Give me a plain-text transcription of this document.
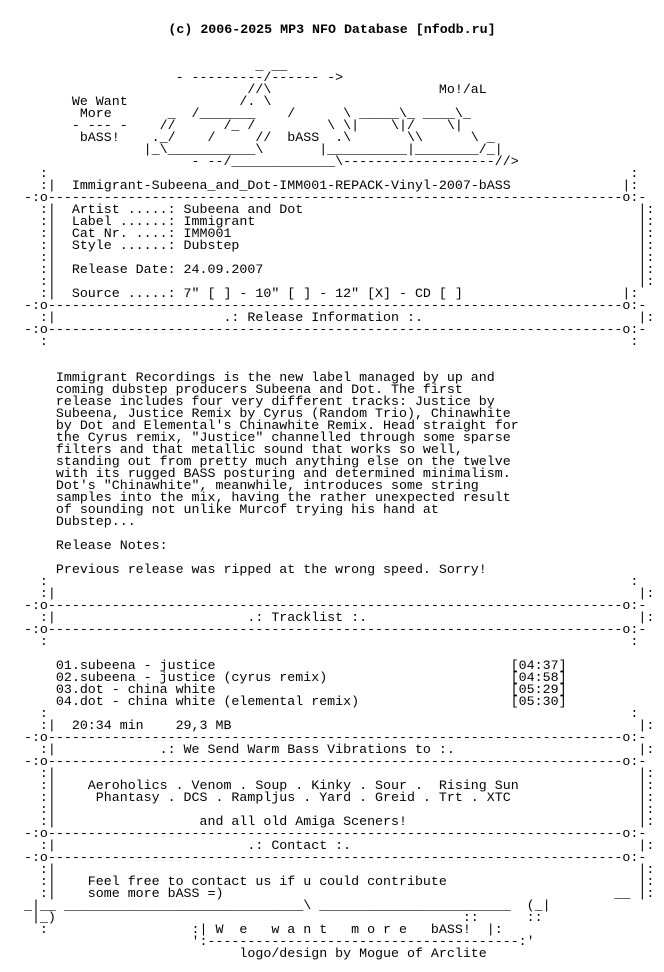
(c) 2006-2025 MP3 NFO Database [nfodb.ru]

_ __
- ---------/------ ->
//\                     Mo!/aL
We Want              /. \
More       _  /_______    /      \ _____\_ ____\_
- --- -    //      /_ /         \ \|    \|/    \|
bASS!    ._/    /     //  bASS  .\       \\      \ _
|_\___________\       |__________|________/_|
- --/_____________\-------------------//>
:                                                                         :
:|  Immigrant-Subeena_and_Dot-IMM001-REPACK-Vinyl-2007-bASS              |:
-:o------------------------------------------------------------------------o:-
:|  Artist .....: Subeena and Dot                                          |:
:|  Label ......: Immigrant                                                |:
:|  Cat Nr. ....: IMM001                                                   |:
:|  Style ......: Dubstep                                                  |:
:|                                                                         |:
:|  Release Date: 24.09.2007                                               |:
:|                                                                         |:
:|  Source .....: 7" [ ] - 10" [ ] - 12" [X] - CD [ ]                    |:
-:o------------------------------------------------------------------------o:-
:|                     .: Release Information :.                           |:
-:o------------------------------------------------------------------------o:-
:                                                                         :

Immigrant Recordings is the new label managed by up and
coming dubstep producers Subeena and Dot. The first
release includes four very different tracks: Justice by
Subeena, Justice Remix by Cyrus (Random Trio), Chinawhite
by Dot and Elemental's Chinawhite Remix. Head straight for
the Cyrus remix, "Justice" channelled through some sparse
filters and that metallic sound that works so well,
standing out from pretty much anything else on the twelve
with its rugged BASS posturing and determined minimalism.
Dot's "Chinawhite", meanwhile, introduces some string
samples into the mix, having the rather unexpected result
of sounding not unlike Murcof trying his hand at
Dubstep...

Release Notes:

Previous release was ripped at the wrong speed. Sorry!
:                                                                         :
:|                                                                         |:
-:o------------------------------------------------------------------------o:-
:|                        .: Tracklist :.                                  |:
-:o------------------------------------------------------------------------o:-
:                                                                         :

01.subeena - justice                                     [04:37]
02.subeena - justice (cyrus remix)                       [04:58]
03.dot - china white                                     [05:29]
04.dot - china white (elemental remix)                   [05:30]
:                                                                         :
:|  20:34 min    29,3 MB                                                   |:
-:o------------------------------------------------------------------------o:-
:|             .: We Send Warm Bass Vibrations to :.                       |:
-:o------------------------------------------------------------------------o:-
:|                                                                         |:
:|    Aeroholics . Venom . Soup . Kinky . Sour .  Rising Sun               |:
:|     Phantasy . DCS . Rampljus . Yard . Greid . Trt . XTC                |:
:|                                                                         |:
:|                  and all old Amiga Sceners!                             |:
-:o------------------------------------------------------------------------o:-
:|                        .: Contact :.                                    |:
-:o------------------------------------------------------------------------o:-
:|                                                                         |:
:|    Feel free to contact us if u could contribute                        |:
:|    some more bASS =)                                                 __ |:
_|__ ______________________________\ ________________________  (_|
|_)                                                   ::      ::
:                  :| W  e   w a n t   m o r e   bASS!  |:
':---------------------------------------:'
logo/design by Mogue of Arclite
